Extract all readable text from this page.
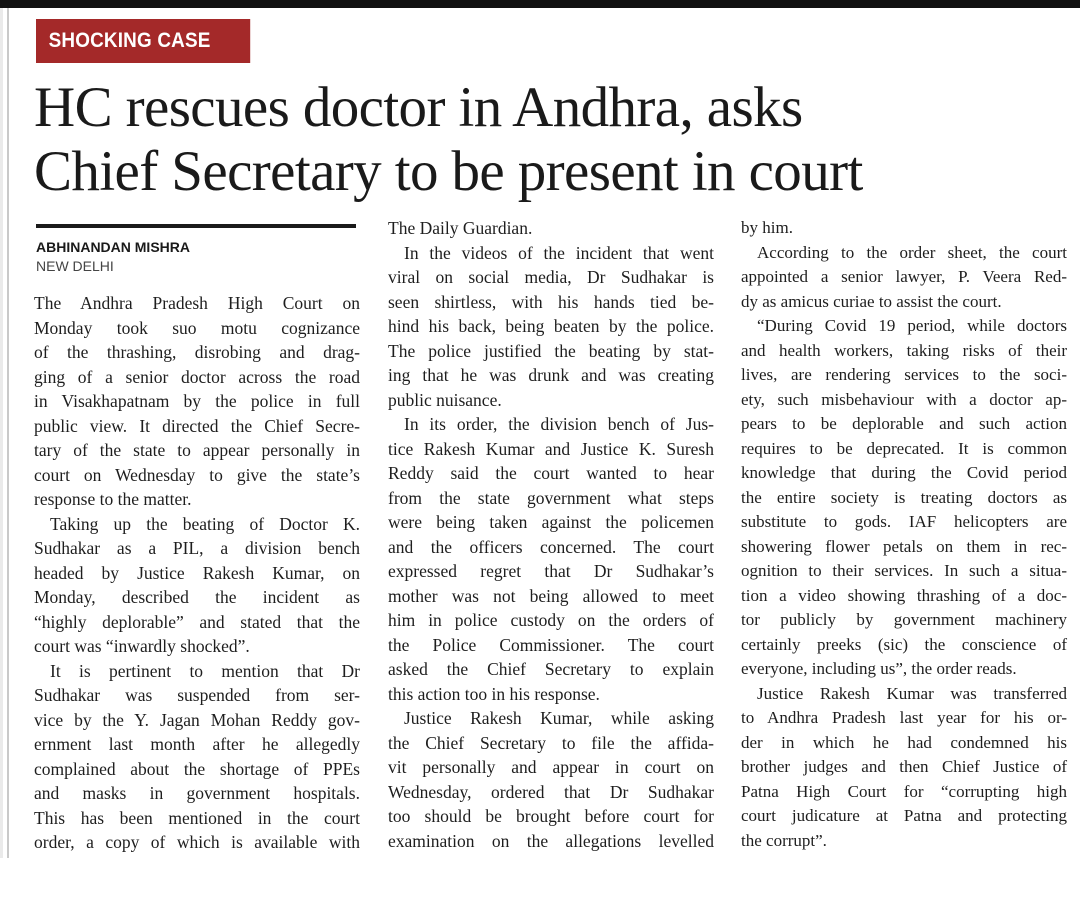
SHOCKING CASE
HC rescues doctor in Andhra, asks
Chief Secretary to be present in court
ABHINANDAN MISHRA
NEW DELHI
The Andhra Pradesh High Court on
Monday took suo motu cognizance
of the thrashing, disrobing and drag-
ging of a senior doctor across the road
in Visakhapatnam by the police in full
public view. It directed the Chief Secre-
tary of the state to appear personally in
court on Wednesday to give the state’s
response to the matter.
Taking up the beating of Doctor K.
Sudhakar as a PIL, a division bench
headed by Justice Rakesh Kumar, on
Monday, described the incident as
“highly deplorable” and stated that the
court was “inwardly shocked”.
It is pertinent to mention that Dr
Sudhakar was suspended from ser-
vice by the Y. Jagan Mohan Reddy gov-
ernment last month after he allegedly
complained about the shortage of PPEs
and masks in government hospitals.
This has been mentioned in the court
order, a copy of which is available with
The Daily Guardian.
In the videos of the incident that went
viral on social media, Dr Sudhakar is
seen shirtless, with his hands tied be-
hind his back, being beaten by the police.
The police justified the beating by stat-
ing that he was drunk and was creating
public nuisance.
In its order, the division bench of Jus-
tice Rakesh Kumar and Justice K. Suresh
Reddy said the court wanted to hear
from the state government what steps
were being taken against the policemen
and the officers concerned. The court
expressed regret that Dr Sudhakar’s
mother was not being allowed to meet
him in police custody on the orders of
the Police Commissioner. The court
asked the Chief Secretary to explain
this action too in his response.
Justice Rakesh Kumar, while asking
the Chief Secretary to file the affida-
vit personally and appear in court on
Wednesday, ordered that Dr Sudhakar
too should be brought before court for
examination on the allegations levelled
by him.
According to the order sheet, the court
appointed a senior lawyer, P. Veera Red-
dy as amicus curiae to assist the court.
“During Covid 19 period, while doctors
and health workers, taking risks of their
lives, are rendering services to the soci-
ety, such misbehaviour with a doctor ap-
pears to be deplorable and such action
requires to be deprecated. It is common
knowledge that during the Covid period
the entire society is treating doctors as
substitute to gods. IAF helicopters are
showering flower petals on them in rec-
ognition to their services. In such a situa-
tion a video showing thrashing of a doc-
tor publicly by government machinery
certainly preeks (sic) the conscience of
everyone, including us”, the order reads.
Justice Rakesh Kumar was transferred
to Andhra Pradesh last year for his or-
der in which he had condemned his
brother judges and then Chief Justice of
Patna High Court for “corrupting high
court judicature at Patna and protecting
the corrupt”.
